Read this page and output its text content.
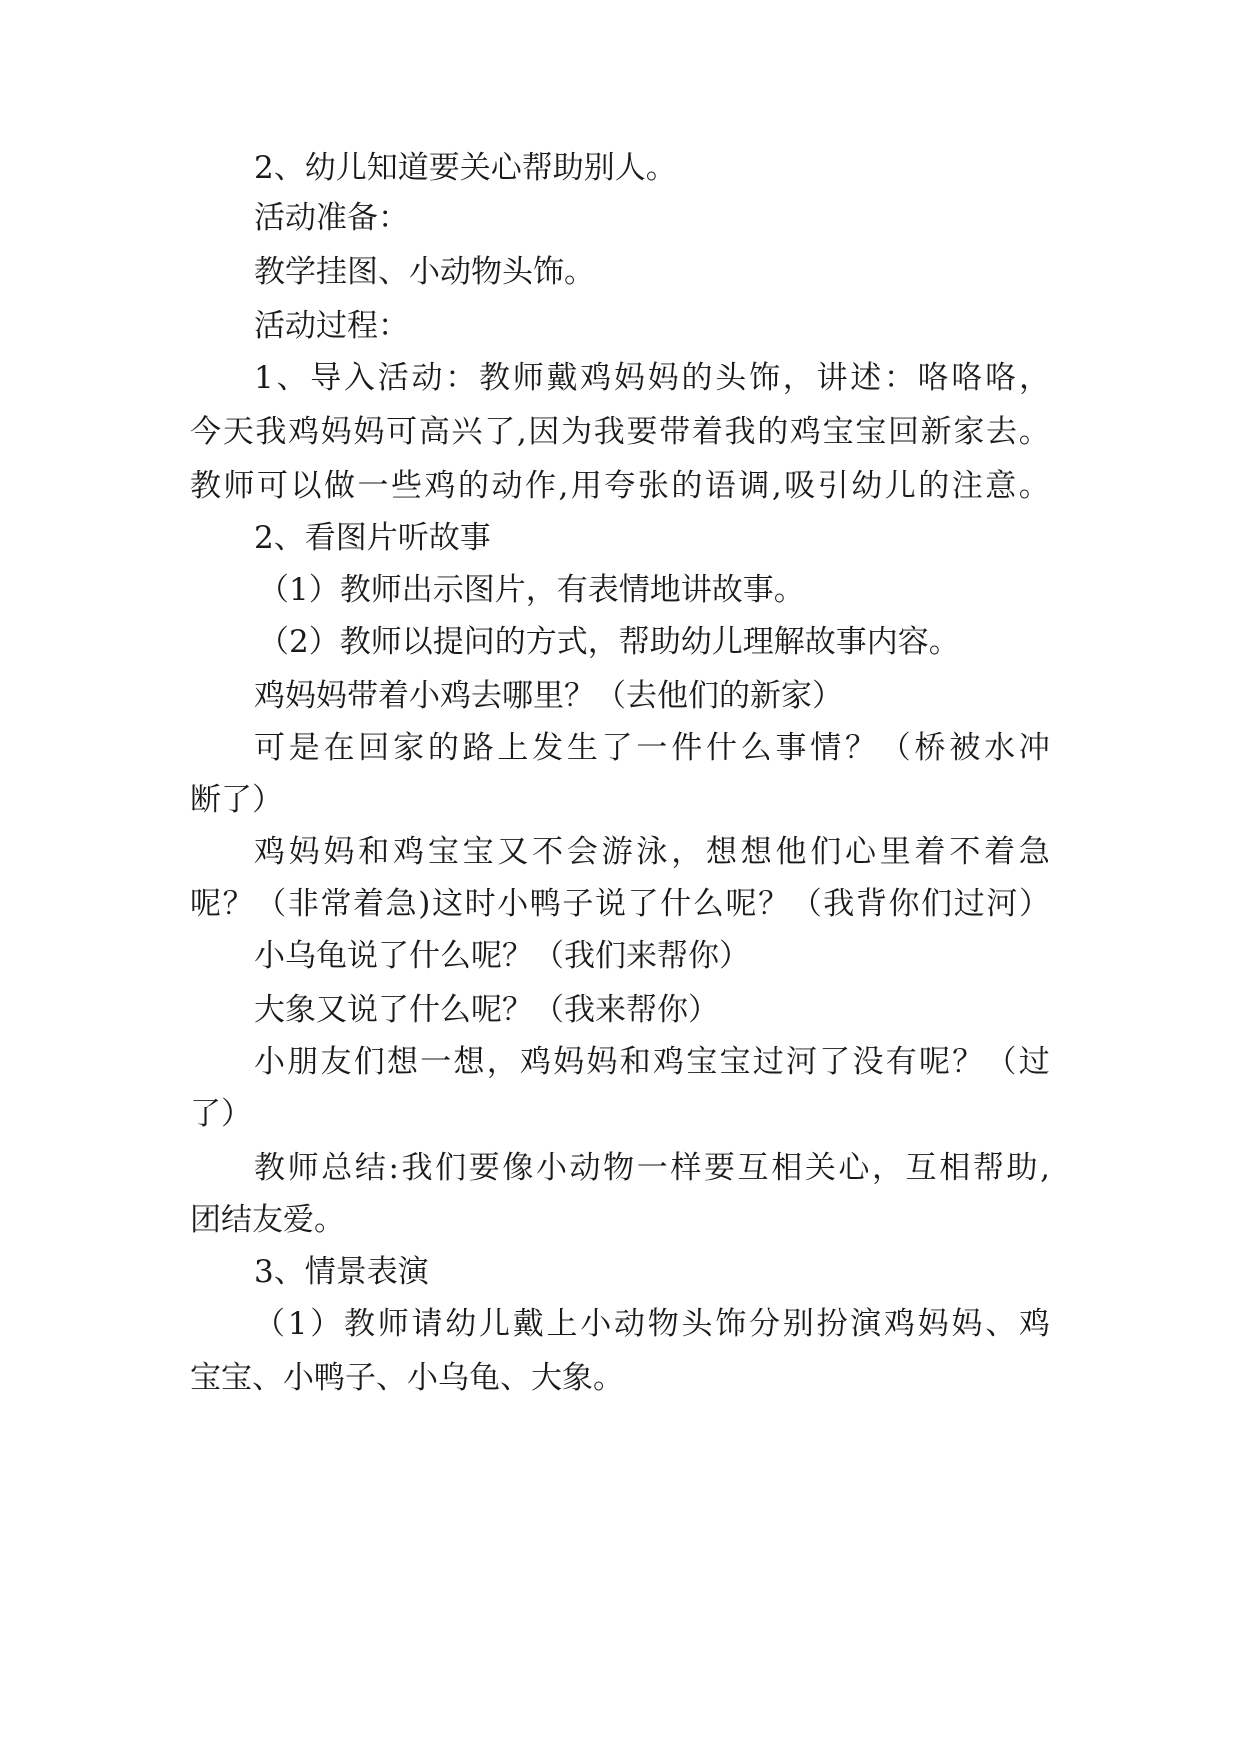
2、幼儿知道要关心帮助别人。
活动准备：
教学挂图、小动物头饰。
活动过程：
1 、 导 入 活 动 ： 教 师 戴 鸡 妈 妈 的 头 饰 ， 讲 述 ： 咯 咯 咯 ，
今 天 我 鸡 妈 妈 可 高 兴 了 , 因 为 我 要 带 着 我 的 鸡 宝 宝 回 新 家 去 。
教 师 可 以 做 一 些 鸡 的 动 作 , 用 夸 张 的 语 调 , 吸 引 幼 儿 的 注 意 。
2、看图片听故事
（1）教师出示图片，有表情地讲故事。
（2）教师以提问的方式，帮助幼儿理解故事内容。
鸡妈妈带着小鸡去哪里？（去他们的新家）
可 是 在 回 家 的 路 上 发 生 了 一 件 什 么 事 情 ？ （ 桥 被 水 冲
断了）
鸡 妈 妈 和 鸡 宝 宝 又 不 会 游 泳 ， 想 想 他 们 心 里 着 不 着 急
呢 ？ （ 非 常 着 急 ) 这 时 小 鸭 子 说 了 什 么 呢 ？ （ 我 背 你 们 过 河 ）
小乌龟说了什么呢？（我们来帮你）
大象又说了什么呢？（我来帮你）
小 朋 友 们 想 一 想 ， 鸡 妈 妈 和 鸡 宝 宝 过 河 了 没 有 呢 ？ （ 过
了）
教 师 总 结 : 我 们 要 像 小 动 物 一 样 要 互 相 关 心 ， 互 相 帮 助 ,
团结友爱。
3、情景表演
（ 1 ） 教 师 请 幼 儿 戴 上 小 动 物 头 饰 分 别 扮 演 鸡 妈 妈 、 鸡
宝宝、小鸭子、小乌龟、大象。
